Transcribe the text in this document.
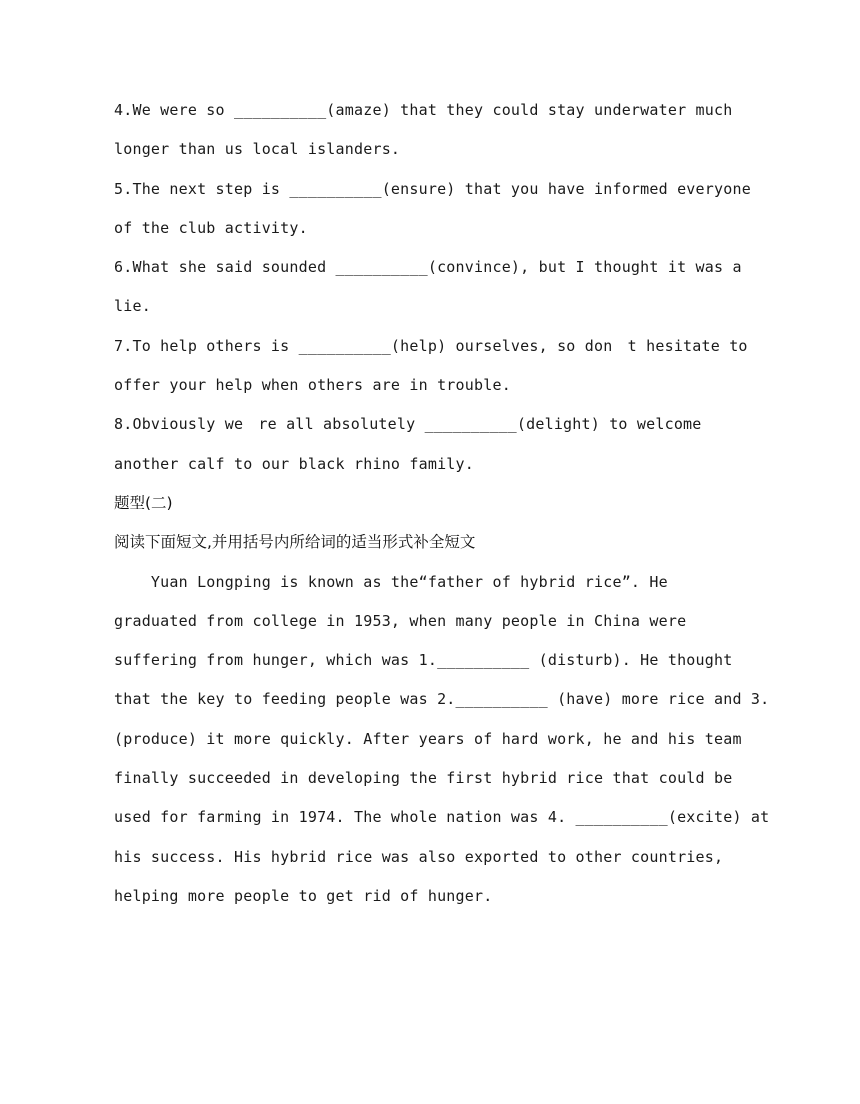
4.We were so __________(amaze) that they could stay underwater much
longer than us local islanders.
5.The next step is __________(ensure) that you have informed everyone
of the club activity.
6.What she said sounded __________(convince), but I thought it was a
lie.
7.To help others is __________(help) ourselves, so don　t hesitate to
offer your help when others are in trouble.
8.Obviously we　re all absolutely __________(delight) to welcome
another calf to our black rhino family.
题型(二)
阅读下面短文,并用括号内所给词的适当形式补全短文
Yuan Longping is known as the“father of hybrid rice”. He
graduated from college in 1953, when many people in China were
suffering from hunger, which was 1.__________ (disturb). He thought
that the key to feeding people was 2.__________ (have) more rice and 3.
(produce) it more quickly. After years of hard work, he and his team
finally succeeded in developing the first hybrid rice that could be
used for farming in 1974. The whole nation was 4. __________(excite) at
his success. His hybrid rice was also exported to other countries,
helping more people to get rid of hunger.
